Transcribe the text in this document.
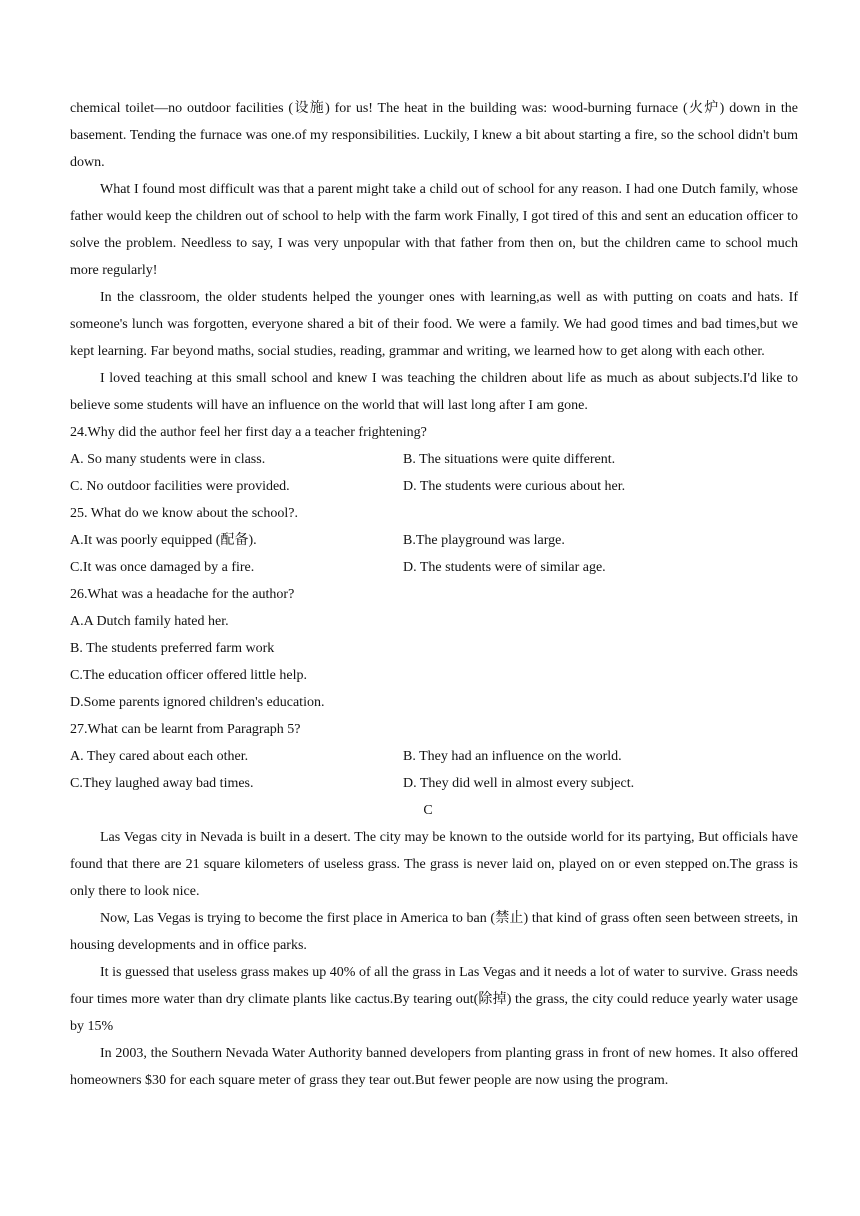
chemical toilet—no outdoor facilities (设施) for us! The heat in the building was: wood-burning furnace (火炉) down in the basement. Tending the furnace was one.of my responsibilities. Luckily, I knew a bit about starting a fire, so the school didn't bum down.

What I found most difficult was that a parent might take a child out of school for any reason. I had one Dutch family, whose father would keep the children out of school to help with the farm work Finally, I got tired of this and sent an education officer to solve the problem. Needless to say, I was very unpopular with that father from then on, but the children came to school much more regularly!

In the classroom, the older students helped the younger ones with learning,as well as with putting on coats and hats. If someone's lunch was forgotten, everyone shared a bit of their food. We were a family. We had good times and bad times,but we kept learning. Far beyond maths, social studies, reading, grammar and writing, we learned how to get along with each other.

I loved teaching at this small school and knew I was teaching the children about life as much as about subjects.I'd like to believe some students will have an influence on the world that will last long after I am gone.

24.Why did the author feel her first day a a teacher frightening?
A. So many students were in class.	B. The situations were quite different.
C. No outdoor facilities were provided.	D. The students were curious about her.
25. What do we know about the school?.
A.It was poorly equipped (配备).	B.The playground was large.
C.It was once damaged by a fire.	D. The students were of similar age.
26.What was a headache for the author?
A.A Dutch family hated her.
B. The students preferred farm work
C.The education officer offered little help.
D.Some parents ignored children's education.
27.What can be learnt from Paragraph 5?
A. They cared about each other.	B. They had an influence on the world.
C.They laughed away bad times.	D. They did well in almost every subject.
C

Las Vegas city in Nevada is built in a desert. The city may be known to the outside world for its partying, But officials have found that there are 21 square kilometers of useless grass. The grass is never laid on, played on or even stepped on.The grass is only there to look nice.

Now, Las Vegas is trying to become the first place in America to ban (禁止) that kind of grass often seen between streets, in housing developments and in office parks.

It is guessed that useless grass makes up 40% of all the grass in Las Vegas and it needs a lot of water to survive. Grass needs four times more water than dry climate plants like cactus.By tearing out(除掉) the grass, the city could reduce yearly water usage by 15%

In 2003, the Southern Nevada Water Authority banned developers from planting grass in front of new homes. It also offered homeowners $30 for each square meter of grass they tear out.But fewer people are now using the program.
